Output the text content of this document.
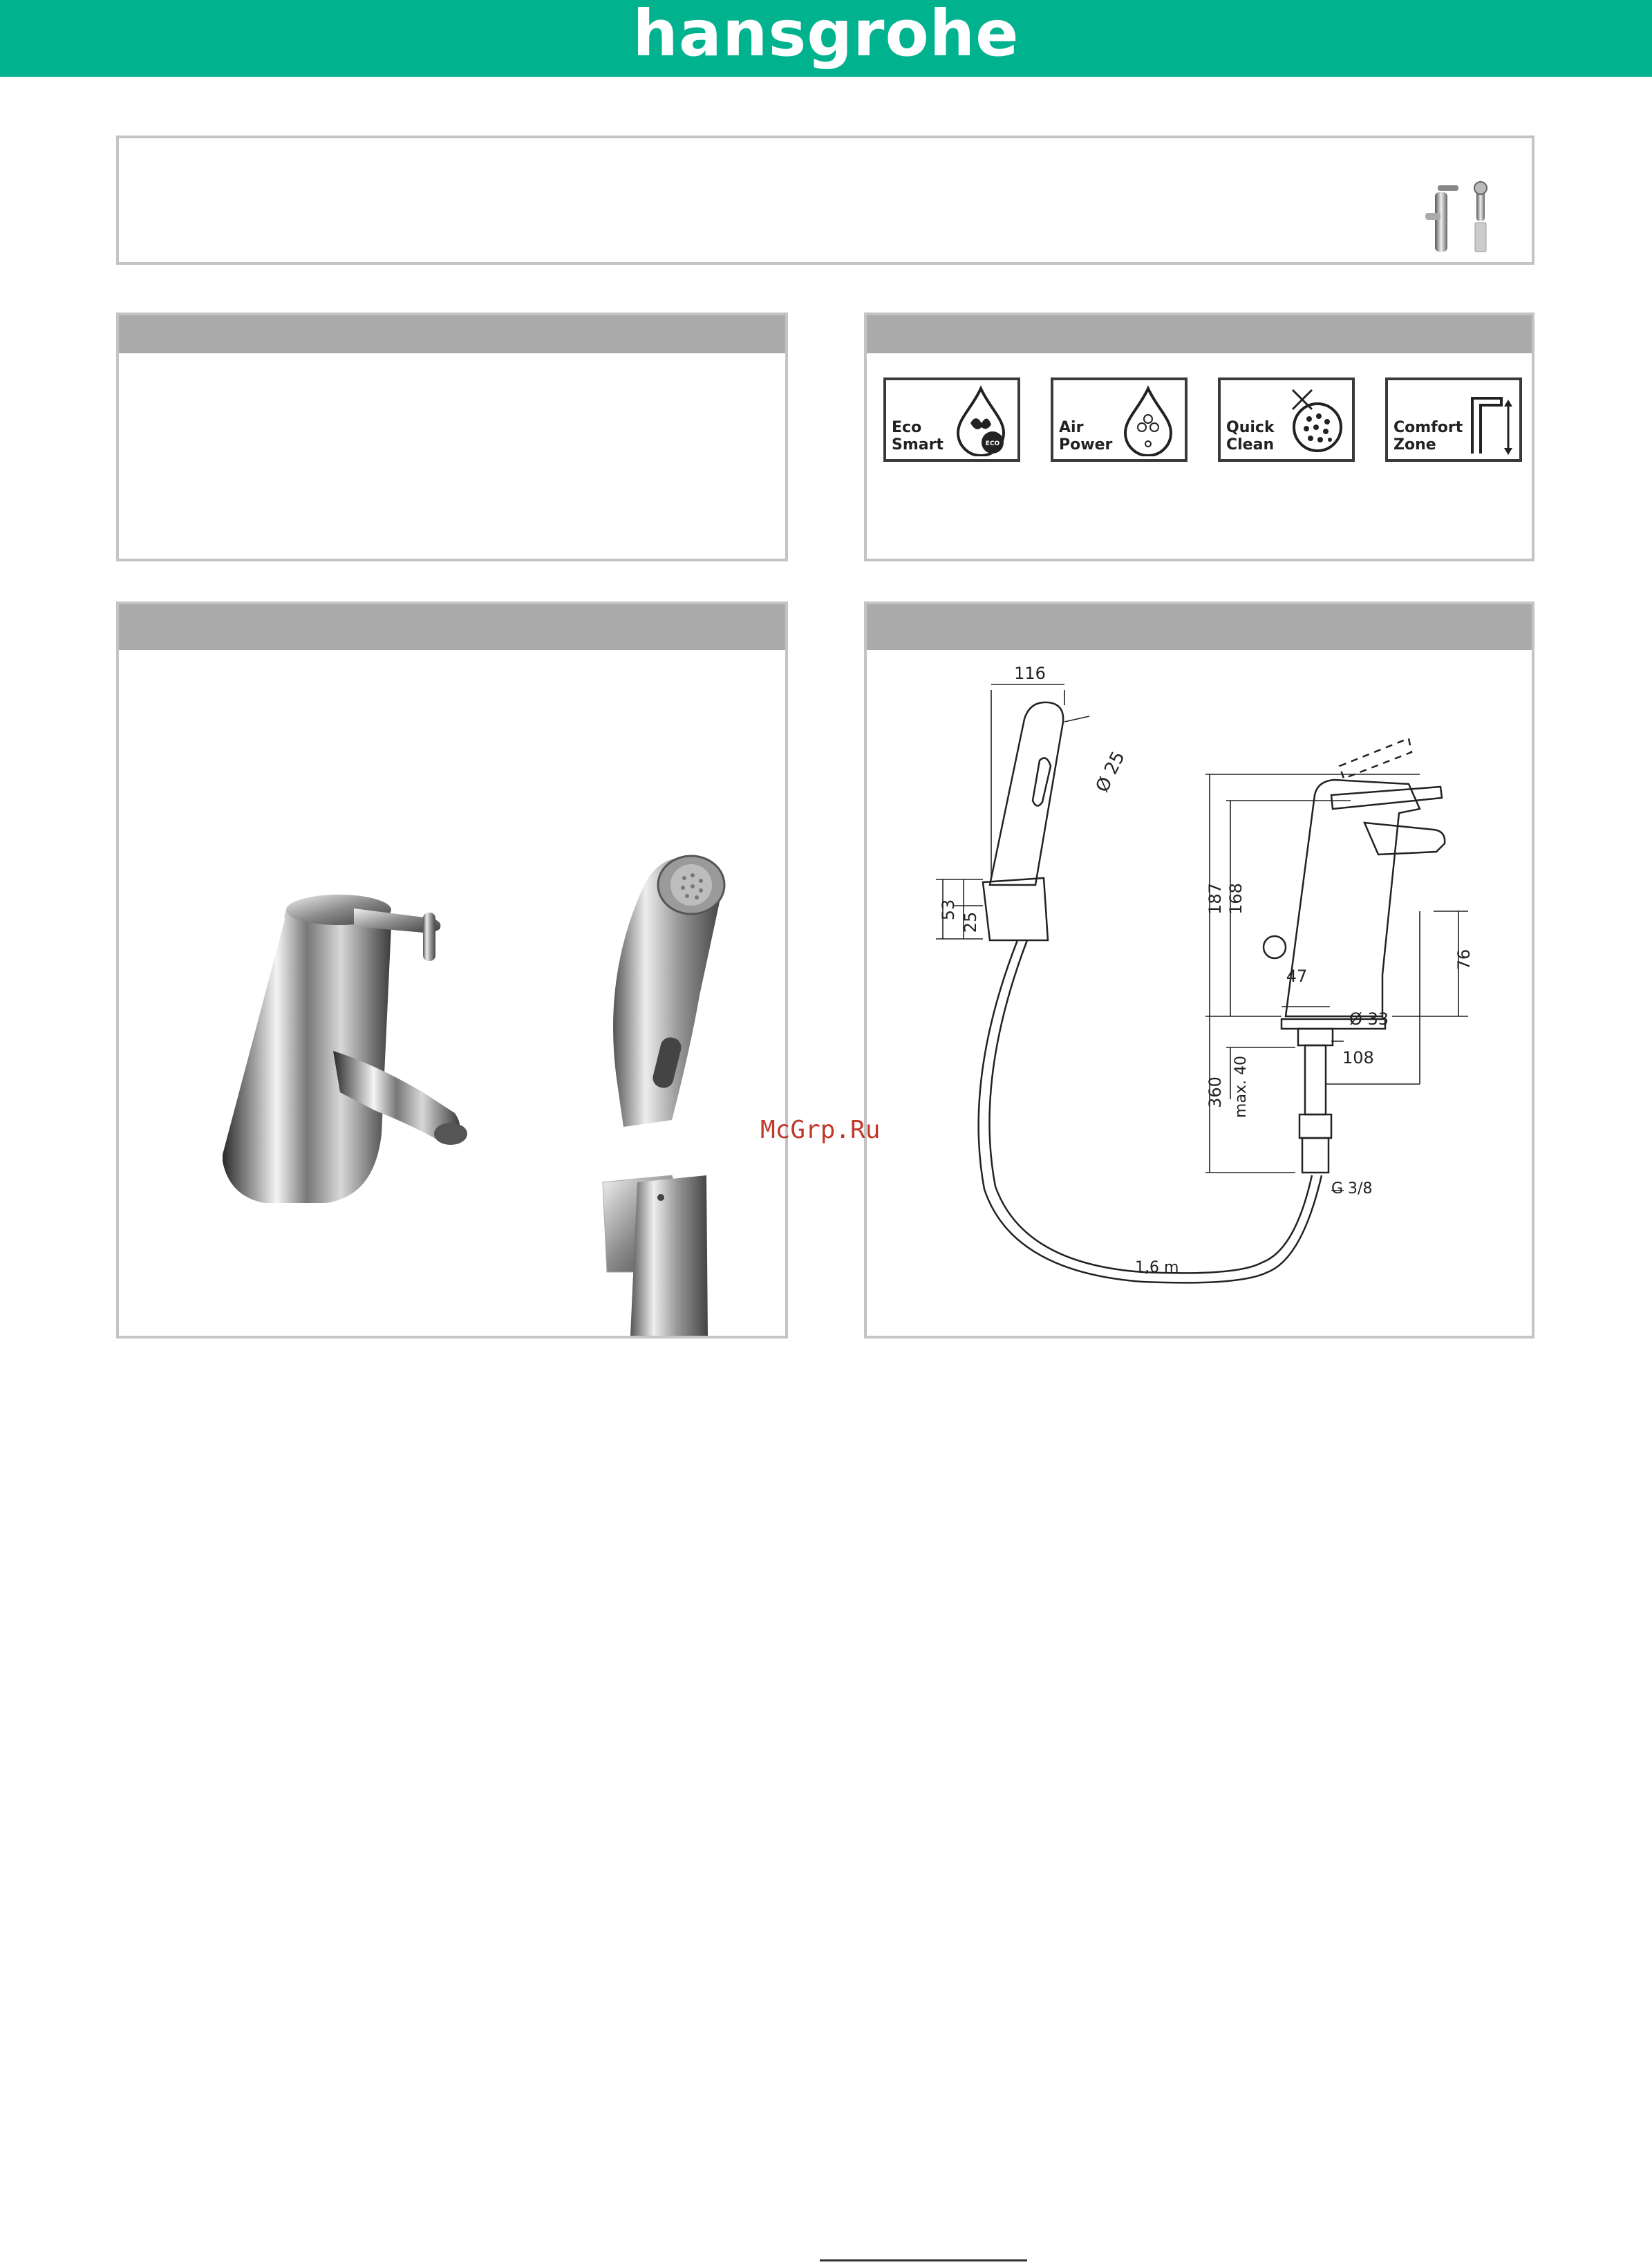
hansgrohe
Eco
Smart	ECO
Air
Power
Quick
Clean
Comfort
Zone
116
Ø 25
53
25
187 168
76
47
Ø 33
108
360 max. 40
G 3/8
1,6 m
McGrp.Ru
